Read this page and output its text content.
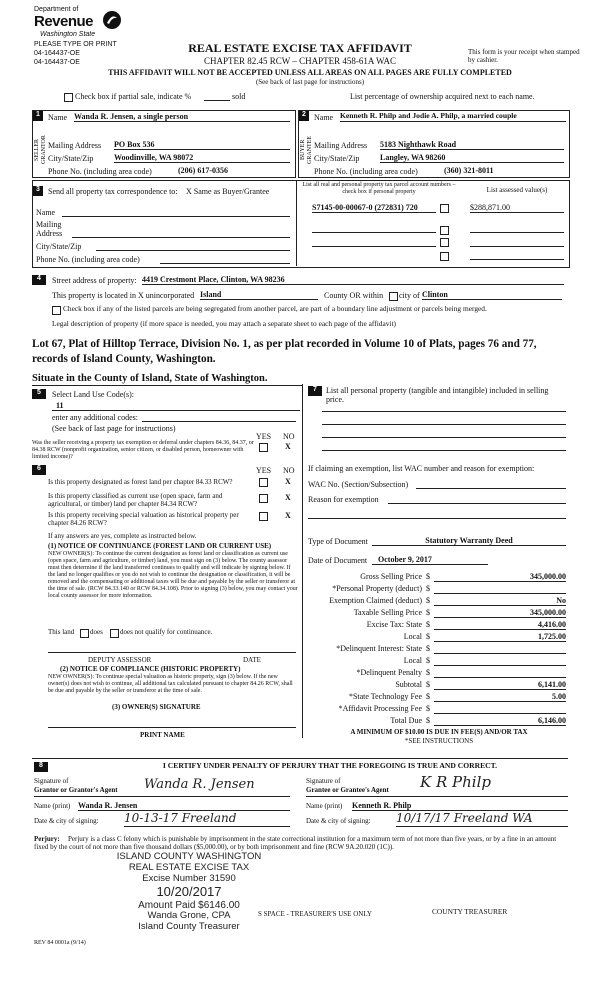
Department of
Revenue
Washington State
PLEASE TYPE OR PRINT
04-164437-OE
04-164437-OE
REAL ESTATE EXCISE TAX AFFIDAVIT
CHAPTER 82.45 RCW – CHAPTER 458-61A WAC
This form is your receipt when stamped by cashier.
THIS AFFIDAVIT WILL NOT BE ACCEPTED UNLESS ALL AREAS ON ALL PAGES ARE FULLY COMPLETED
(See back of last page for instructions)
Check box if partial sale, indicate %	sold	List percentage of ownership acquired next to each name.
1
SELLER GRANTOR
Name Wanda R. Jensen, a single person
Mailing Address PO Box 536
City/State/Zip	Woodinville, WA 98072
Phone No. (including area code)	(206) 617-0356
2
BUYER GRANTEE
Name Kenneth R. Philp and Jodie A. Philp, a married couple
Mailing Address 5183 Nighthawk Road
City/State/Zip	Langley, WA 98260
Phone No. (including area code)	(360) 321-8011
3	Send all property tax correspondence to: X Same as Buyer/Grantee
Name
Mailing
Address
City/State/Zip
Phone No. (including area code)
List all real and personal property tax parcel account numbers – check box if personal property	List assessed value(s)
S7145-00-00067-0 (272831) 720	$288,871.00
4	Street address of property: 4419 Crestmont Place, Clinton, WA 98236
This property is located in X unincorporated Island	County OR within city of Clinton
Check box if any of the listed parcels are being segregated from another parcel, are part of a boundary line adjustment or parcels being merged.
Legal description of property (if more space is needed, you may attach a separate sheet to each page of the affidavit)
Lot 67, Plat of Hilltop Terrace, Division No. 1, as per plat recorded in Volume 10 of Plats, pages 76 and 77, records of Island County, Washington.
Situate in the County of Island, State of Washington.
5	Select Land Use Code(s):
11
enter any additional codes:
(See back of last page for instructions)
YES NO
Was the seller receiving a property tax exemption or deferral under chapters 84.36, 84.37, or 84.38 RCW (nonprofit organization, senior citizen, or disabled person, homeowner with limited income)?
X
6	YES NO
Is this property designated as forest land per chapter 84.33 RCW?	X
Is this property classified as current use (open space, farm and agricultural, or timber) land per chapter 84.34 RCW?
X
Is this property receiving special valuation as historical property per chapter 84.26 RCW?
X
If any answers are yes, complete as instructed below.
(1) NOTICE OF CONTINUANCE (FOREST LAND OR CURRENT USE)
NEW OWNER(S): To continue the current designation as forest land or classification as current use (open space, farm and agriculture, or timber) land, you must sign on (3) below. The county assessor must then determine if the land transferred continues to qualify and will indicate by signing below. If the land no longer qualifies or you do not wish to continue the designation or classification, it will be removed and the compensating or additional taxes will be due and payable by the seller or transferor at the time of sale. (RCW 84.33.140 or RCW 84.34.108). Prior to signing (3) below, you may contact your local county assessor for more information.
This land does does not qualify for continuance.
DEPUTY ASSESSOR	DATE
(2) NOTICE OF COMPLIANCE (HISTORIC PROPERTY)
NEW OWNER(S): To continue special valuation as historic property, sign (3) below. If the new owner(s) does not wish to continue, all additional tax calculated pursuant to chapter 84.26 RCW, shall be due and payable by the seller or transferor at the time of sale.
(3) OWNER(S) SIGNATURE
PRINT NAME
7	List all personal property (tangible and intangible) included in selling price.
If claiming an exemption, list WAC number and reason for exemption:
WAC No. (Section/Subsection)
Reason for exemption
Type of Document	Statutory Warranty Deed
Date of Document	October 9, 2017
Gross Selling Price $	345,000.00
*Personal Property (deduct) $
Exemption Claimed (deduct) $	No
Taxable Selling Price $	345,000.00
Excise Tax: State $	4,416.00
Local $	1,725.00
*Delinquent Interest: State $
Local $
*Delinquent Penalty $
Subtotal $	6,141.00
*State Technology Fee $	5.00
*Affidavit Processing Fee $
Total Due $	6,146.00
A MINIMUM OF $10.00 IS DUE IN FEE(S) AND/OR TAX
*SEE INSTRUCTIONS
8	I CERTIFY UNDER PENALTY OF PERJURY THAT THE FOREGOING IS TRUE AND CORRECT.
Signature of
Grantor or Grantor's Agent Wanda R. Jensen
Name (print) Wanda R. Jensen
Date & city of signing: 10-13-17 Freeland
Signature of
Grantee or Grantee's Agent K R Philp
Name (print) Kenneth R. Philp
Date & city of signing: 10/17/17 Freeland WA
Perjury:	Perjury is a class C felony which is punishable by imprisonment in the state correctional institution for a maximum term of not more than five years, or by a fine in an amount fixed by the court of not more than five thousand dollars ($5,000.00), or by both imprisonment and fine (RCW 9A.20.020 (1C)).
ISLAND COUNTY WASHINGTON
REAL ESTATE EXCISE TAX
Excise Number 31590
10/20/2017
Amount Paid $6146.00
Wanda Grone, CPA
Island County Treasurer
REV 84 0001a (9/14)
S SPACE - TREASURER'S USE ONLY	COUNTY TREASURER
